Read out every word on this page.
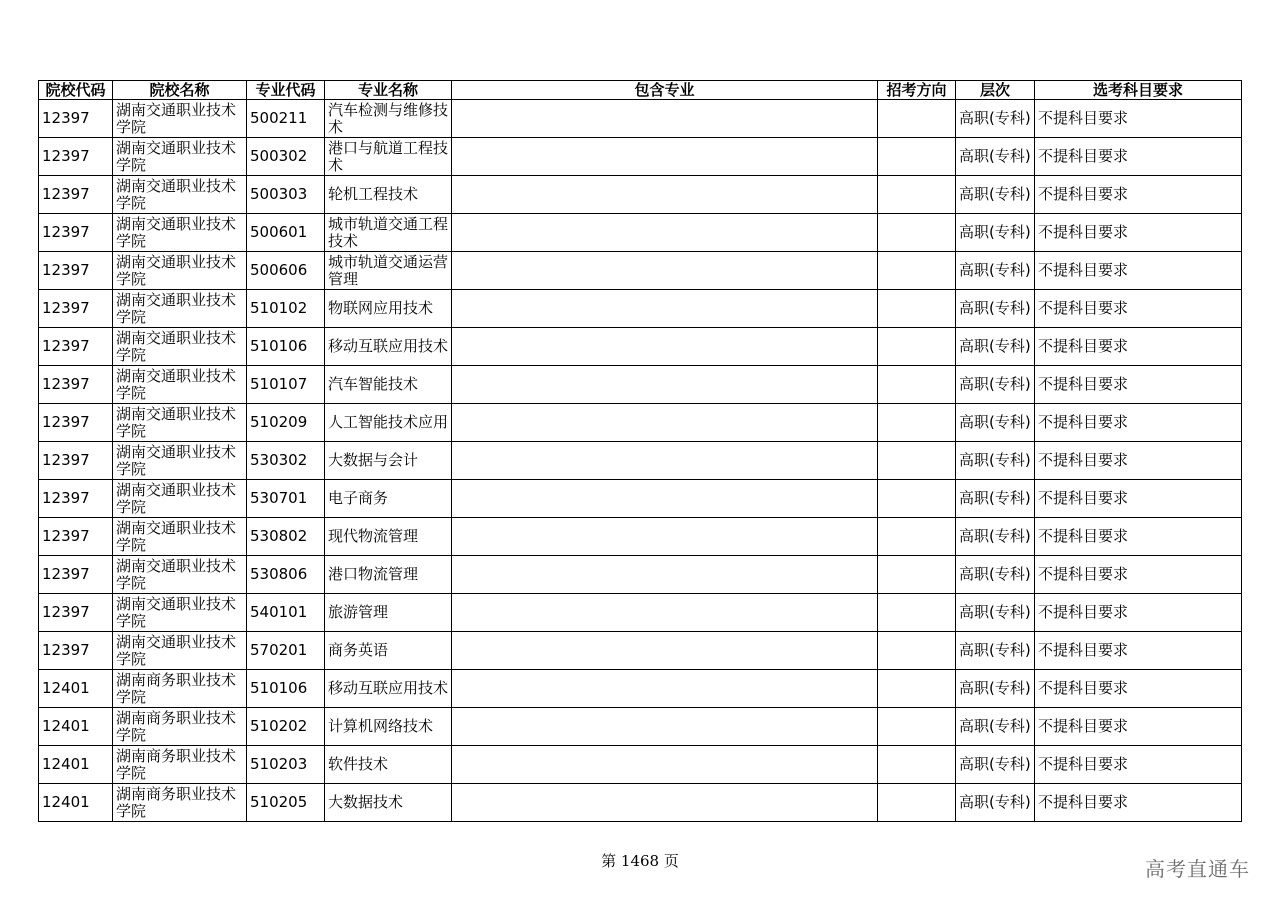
院校代码	院校名称	专业代码	专业名称	包含专业	招考方向	层次	选考科目要求
12397	湖南交通职业技术学院	500211	汽车检测与维修技术			高职(专科)	不提科目要求
12397	湖南交通职业技术学院	500302	港口与航道工程技术			高职(专科)	不提科目要求
12397	湖南交通职业技术学院	500303	轮机工程技术			高职(专科)	不提科目要求
12397	湖南交通职业技术学院	500601	城市轨道交通工程技术			高职(专科)	不提科目要求
12397	湖南交通职业技术学院	500606	城市轨道交通运营管理			高职(专科)	不提科目要求
12397	湖南交通职业技术学院	510102	物联网应用技术			高职(专科)	不提科目要求
12397	湖南交通职业技术学院	510106	移动互联应用技术			高职(专科)	不提科目要求
12397	湖南交通职业技术学院	510107	汽车智能技术			高职(专科)	不提科目要求
12397	湖南交通职业技术学院	510209	人工智能技术应用			高职(专科)	不提科目要求
12397	湖南交通职业技术学院	530302	大数据与会计			高职(专科)	不提科目要求
12397	湖南交通职业技术学院	530701	电子商务			高职(专科)	不提科目要求
12397	湖南交通职业技术学院	530802	现代物流管理			高职(专科)	不提科目要求
12397	湖南交通职业技术学院	530806	港口物流管理			高职(专科)	不提科目要求
12397	湖南交通职业技术学院	540101	旅游管理			高职(专科)	不提科目要求
12397	湖南交通职业技术学院	570201	商务英语			高职(专科)	不提科目要求
12401	湖南商务职业技术学院	510106	移动互联应用技术			高职(专科)	不提科目要求
12401	湖南商务职业技术学院	510202	计算机网络技术			高职(专科)	不提科目要求
12401	湖南商务职业技术学院	510203	软件技术			高职(专科)	不提科目要求
12401	湖南商务职业技术学院	510205	大数据技术			高职(专科)	不提科目要求
第 1468 页	高考直通车
